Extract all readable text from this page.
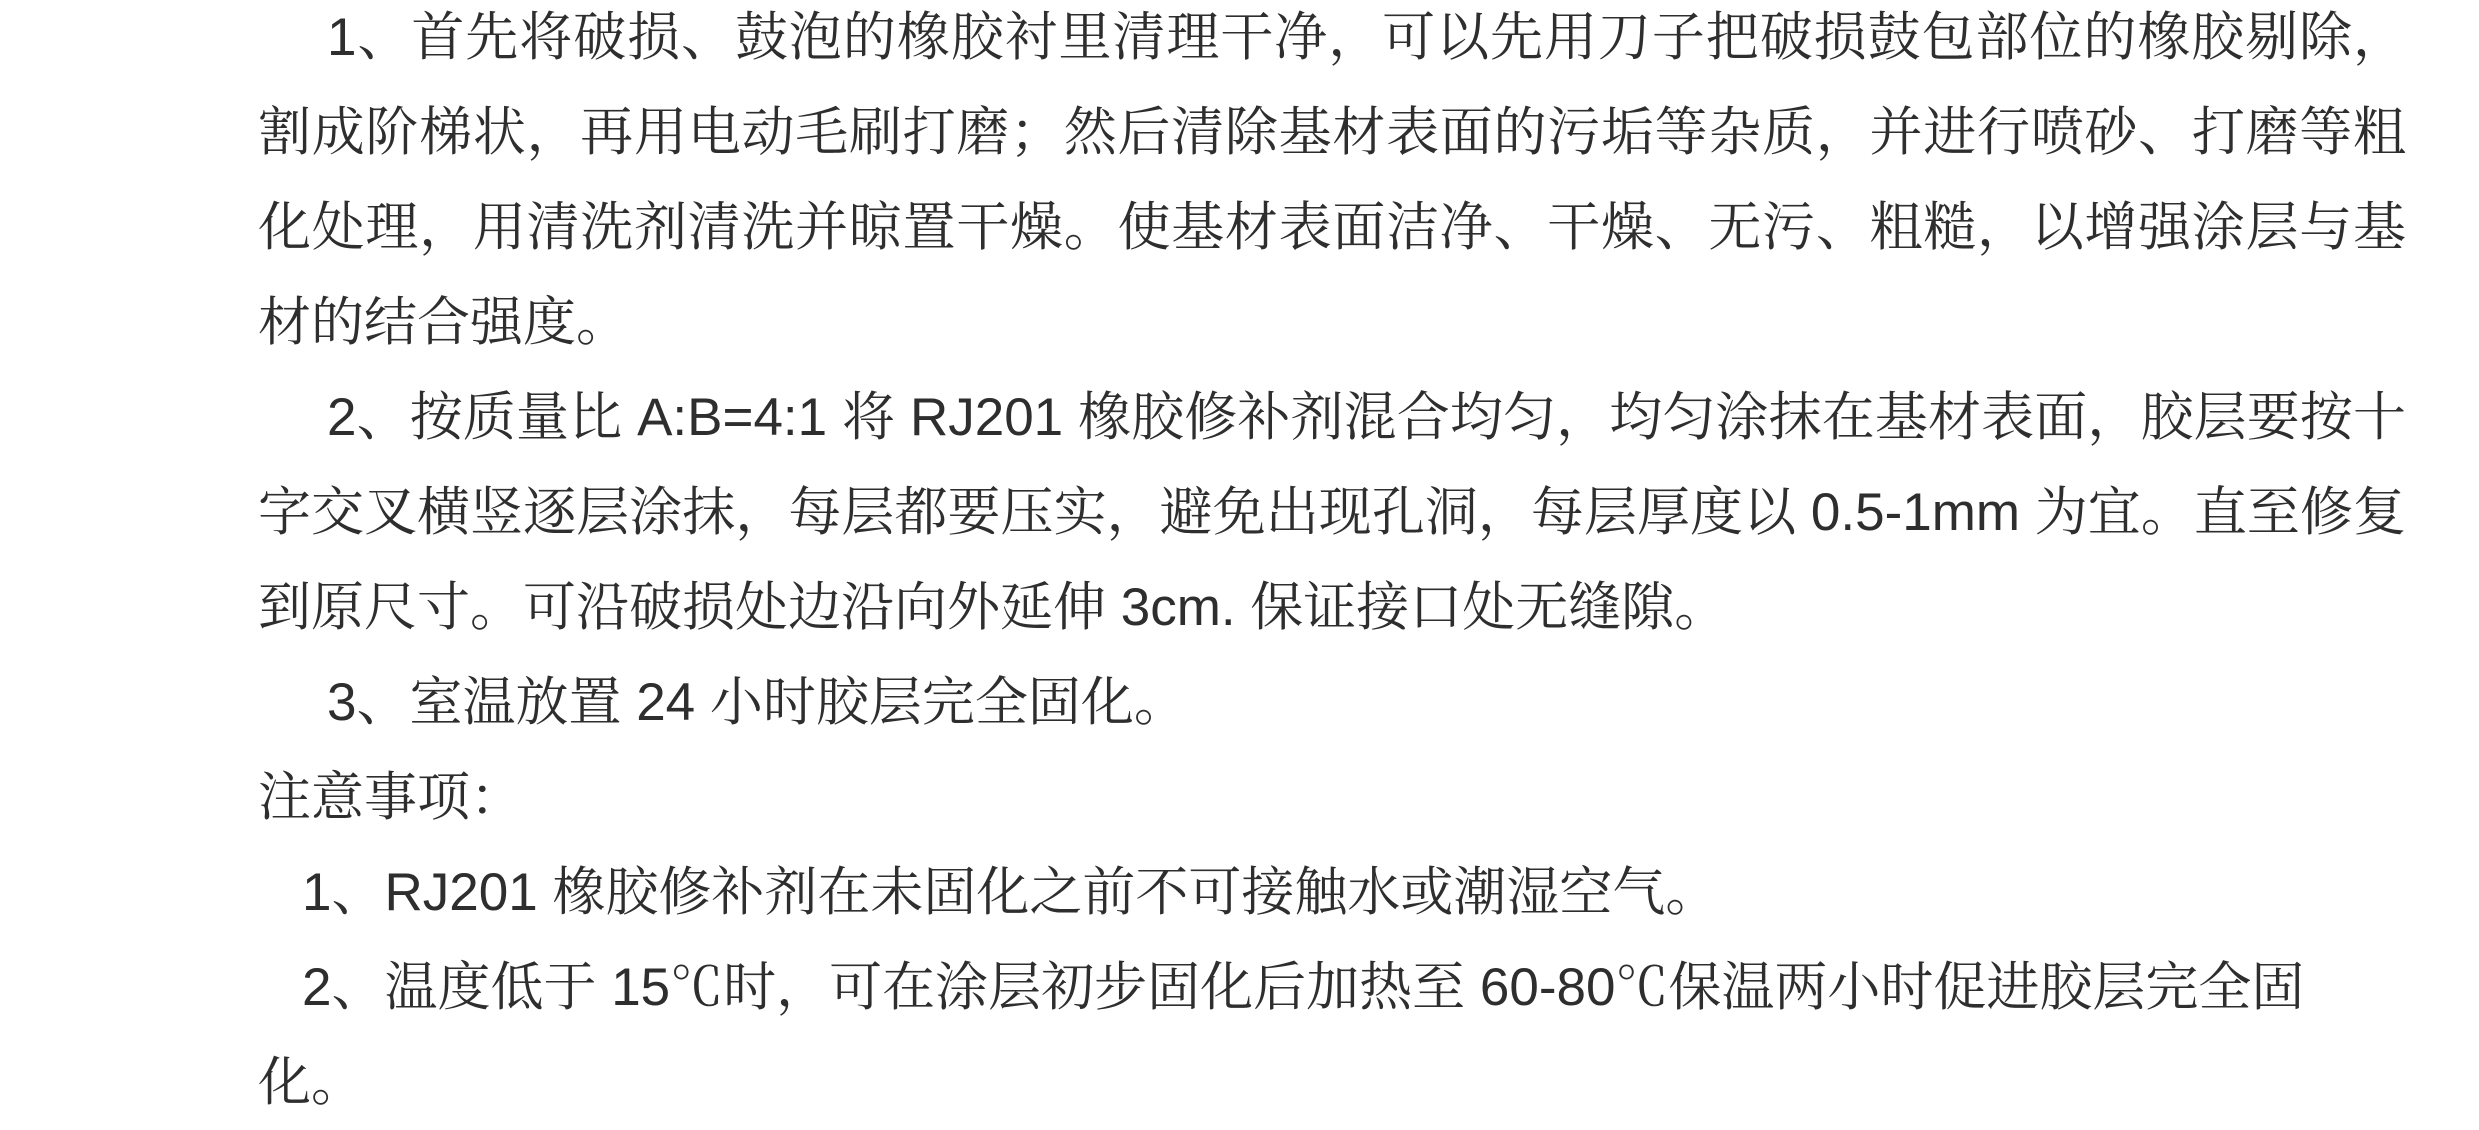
1、首先将破损、鼓泡的橡胶衬里清理干净，可以先用刀子把破损鼓包部位的橡胶剔除，割成阶梯状，再用电动毛刷打磨；然后清除基材表面的污垢等杂质，并进行喷砂、打磨等粗化处理，用清洗剂清洗并晾置干燥。使基材表面洁净、干燥、无污、粗糙，以增强涂层与基材的结合强度。

2、按质量比 A:B=4:1 将 RJ201 橡胶修补剂混合均匀，均匀涂抹在基材表面，胶层要按十字交叉横竖逐层涂抹，每层都要压实，避免出现孔洞，每层厚度以 0.5-1mm 为宜。直至修复到原尺寸。可沿破损处边沿向外延伸 3cm. 保证接口处无缝隙。

3、室温放置 24 小时胶层完全固化。

注意事项：

1、RJ201 橡胶修补剂在未固化之前不可接触水或潮湿空气。

2、温度低于 15℃时，可在涂层初步固化后加热至 60-80℃保温两小时促进胶层完全固化。
